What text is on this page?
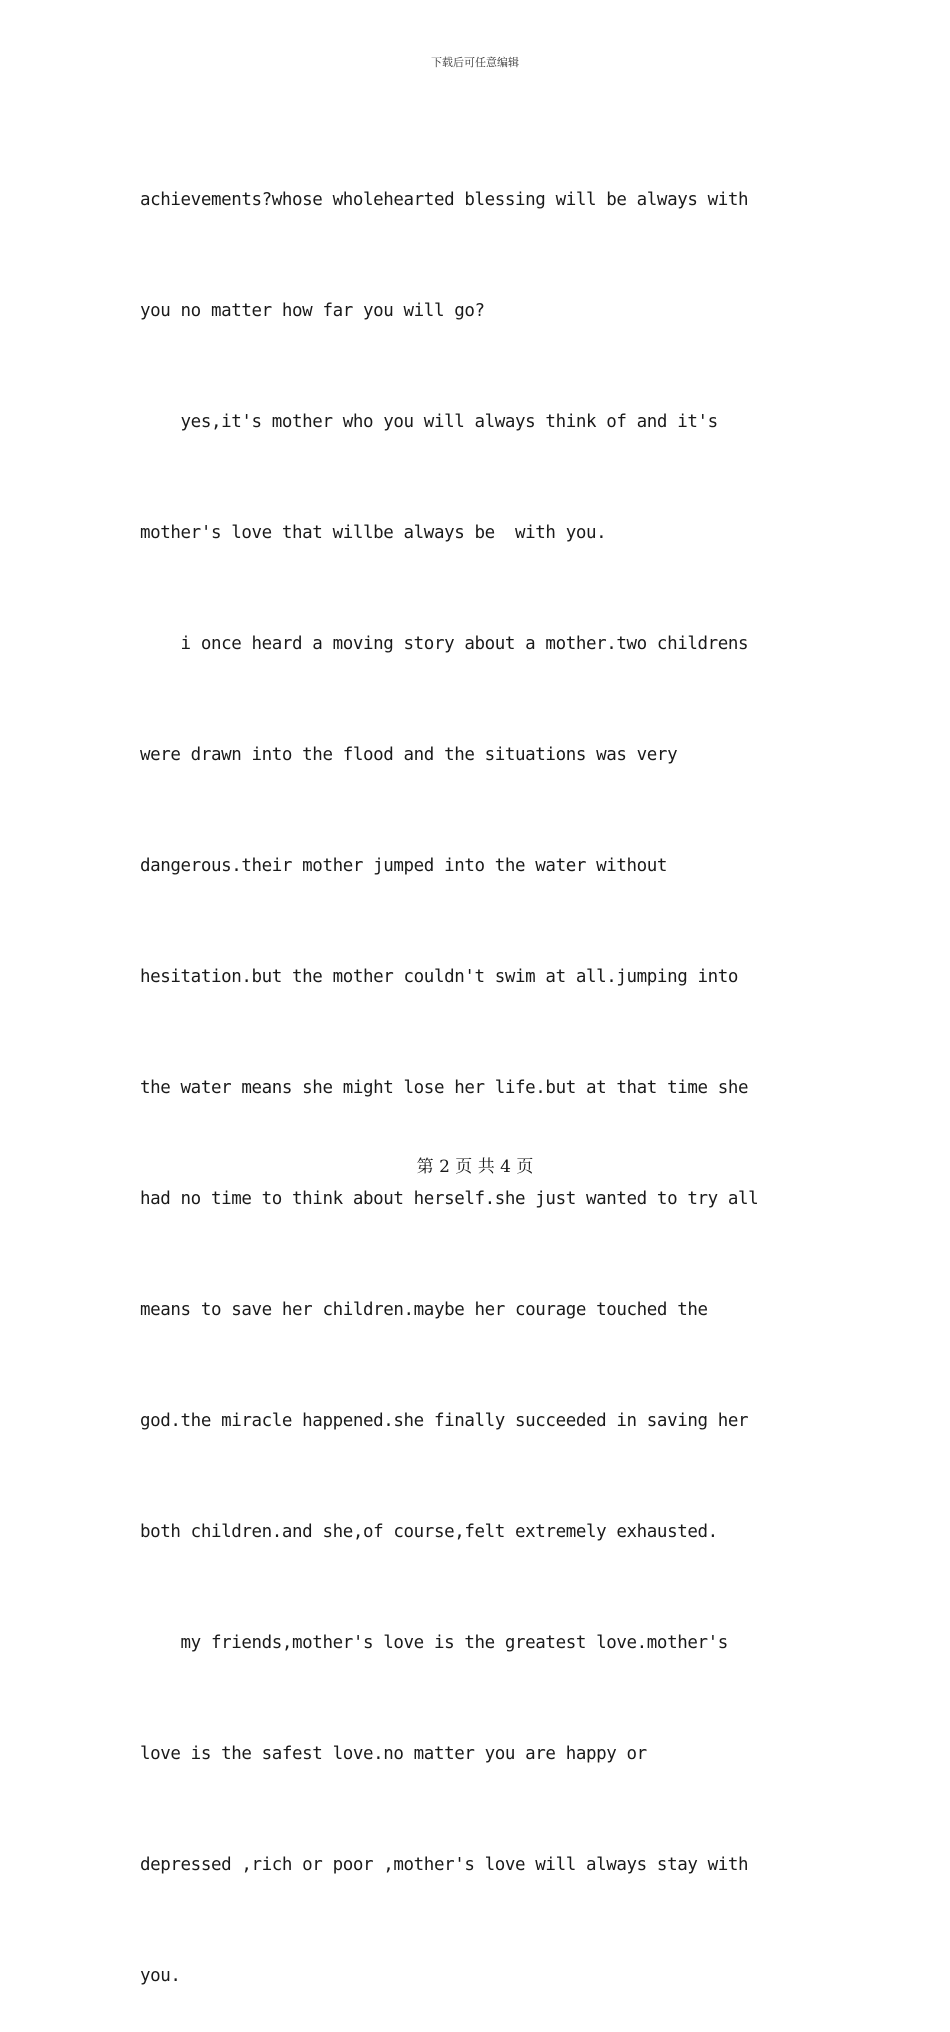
下载后可任意编辑

achievements?whose wholehearted blessing will be always with

you no matter how far you will go?

yes,it's mother who you will always think of and it's

mother's love that willbe always be  with you.

i once heard a moving story about a mother.two childrens

were drawn into the flood and the situations was very

dangerous.their mother jumped into the water without

hesitation.but the mother couldn't swim at all.jumping into

the water means she might lose her life.but at that time she

had no time to think about herself.she just wanted to try all

means to save her children.maybe her courage touched the

god.the miracle happened.she finally succeeded in saving her

both children.and she,of course,felt extremely exhausted.

my friends,mother's love is the greatest love.mother's

love is the safest love.no matter you are happy or

depressed ,rich or poor ,mother's love will always stay with

you.

第 2 页 共 4 页
